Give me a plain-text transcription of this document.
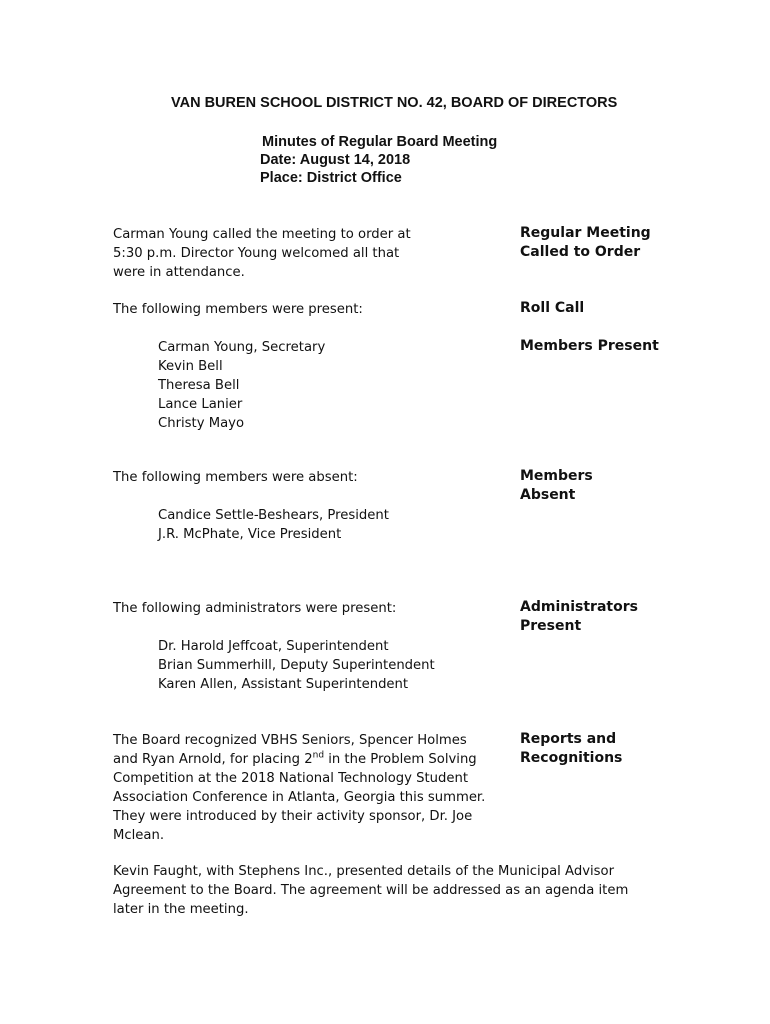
VAN BUREN SCHOOL DISTRICT NO. 42, BOARD OF DIRECTORS
Minutes of Regular Board Meeting
Date: August 14, 2018
Place: District Office
Carman Young called the meeting to order at
5:30 p.m. Director Young welcomed all that
were in attendance.
Regular Meeting
Called to Order
The following members were present:	Roll Call
Carman Young, Secretary
Kevin Bell
Theresa Bell
Lance Lanier
Christy Mayo
Members Present
The following members were absent:	Members
Absent
Candice Settle-Beshears, President
J.R. McPhate, Vice President
The following administrators were present:	Administrators
Present
Dr. Harold Jeffcoat, Superintendent
Brian Summerhill, Deputy Superintendent
Karen Allen, Assistant Superintendent
The Board recognized VBHS Seniors, Spencer Holmes
and Ryan Arnold, for placing 2nd in the Problem Solving
Competition at the 2018 National Technology Student
Association Conference in Atlanta, Georgia this summer.
They were introduced by their activity sponsor, Dr. Joe
Mclean.
Reports and
Recognitions
Kevin Faught, with Stephens Inc., presented details of the Municipal Advisor
Agreement to the Board. The agreement will be addressed as an agenda item
later in the meeting.
